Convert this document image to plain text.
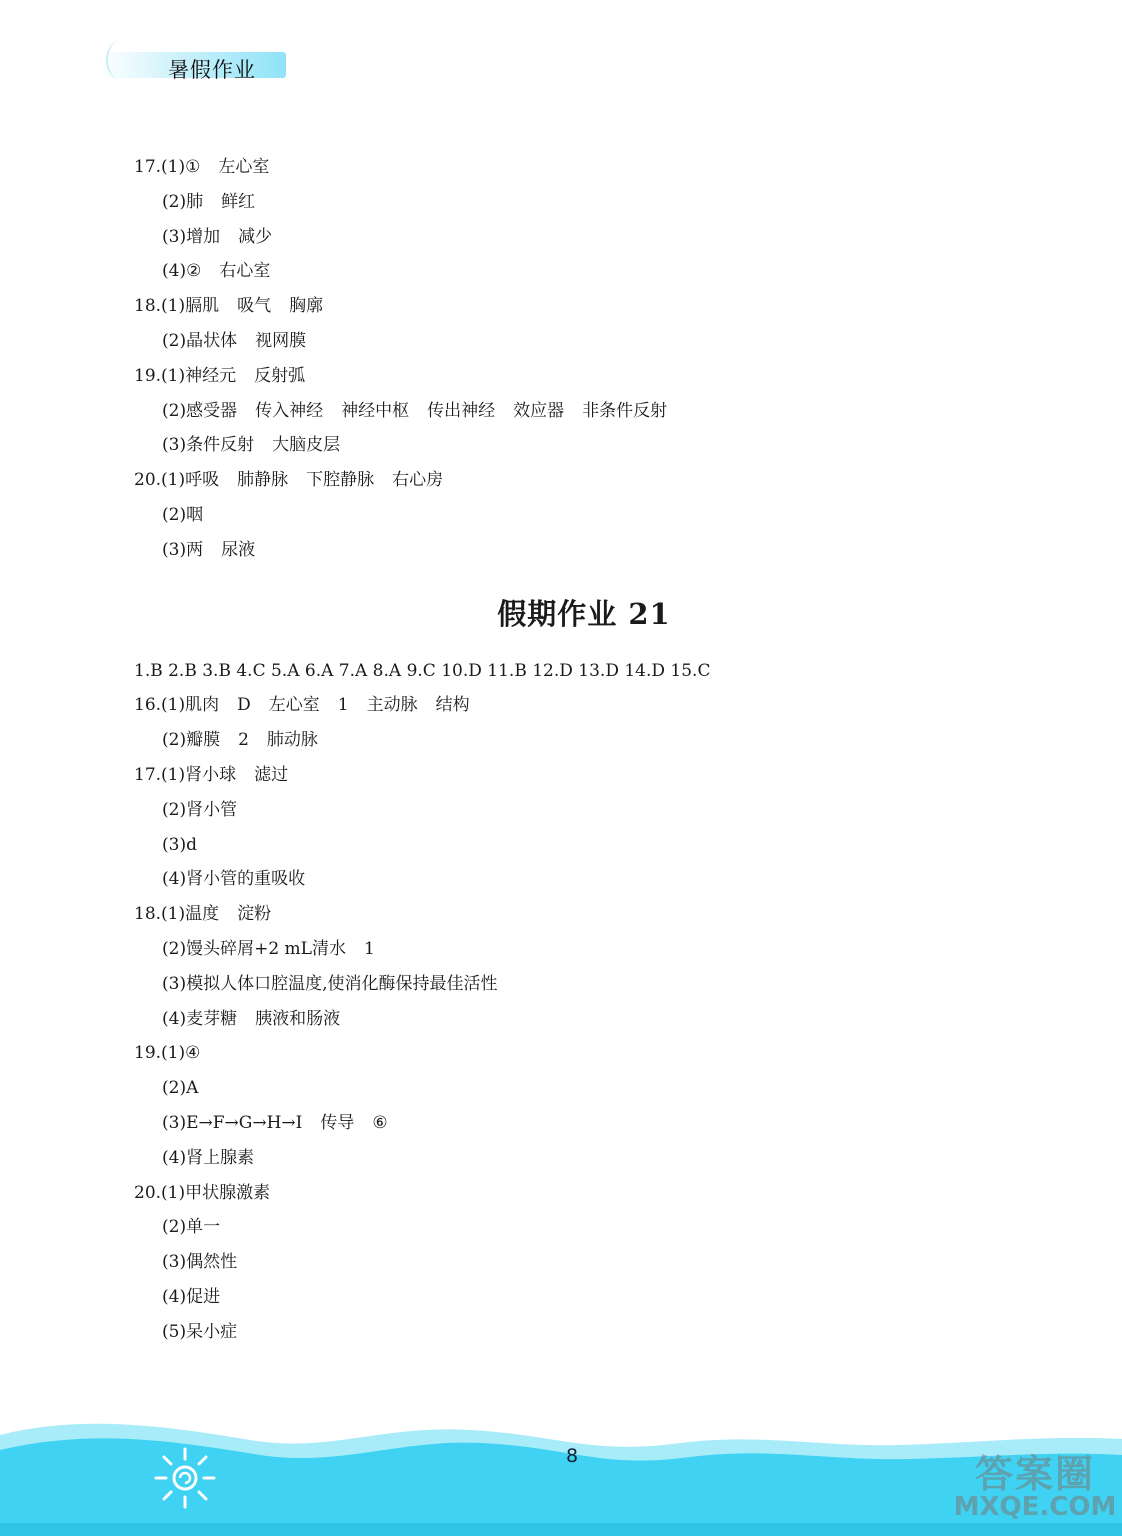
暑假作业
17.(1)① 左心室
(2)肺 鲜红
(3)增加 减少
(4)② 右心室
18.(1)膈肌 吸气 胸廓
(2)晶状体 视网膜
19.(1)神经元 反射弧
(2)感受器 传入神经 神经中枢 传出神经 效应器 非条件反射
(3)条件反射 大脑皮层
20.(1)呼吸 肺静脉 下腔静脉 右心房
(2)咽
(3)两 尿液
假期作业 21
1.B 2.B 3.B 4.C 5.A 6.A 7.A 8.A 9.C 10.D 11.B 12.D 13.D 14.D 15.C
16.(1)肌肉 D 左心室 1 主动脉 结构
(2)瓣膜 2 肺动脉
17.(1)肾小球 滤过
(2)肾小管
(3)d
(4)肾小管的重吸收
18.(1)温度 淀粉
(2)馒头碎屑+2 mL清水 1
(3)模拟人体口腔温度,使消化酶保持最佳活性
(4)麦芽糖 胰液和肠液
19.(1)④
(2)A
(3)E→F→G→H→I 传导 ⑥
(4)肾上腺素
20.(1)甲状腺激素
(2)单一
(3)偶然性
(4)促进
(5)呆小症
8	答案圈
MXQE.COM
